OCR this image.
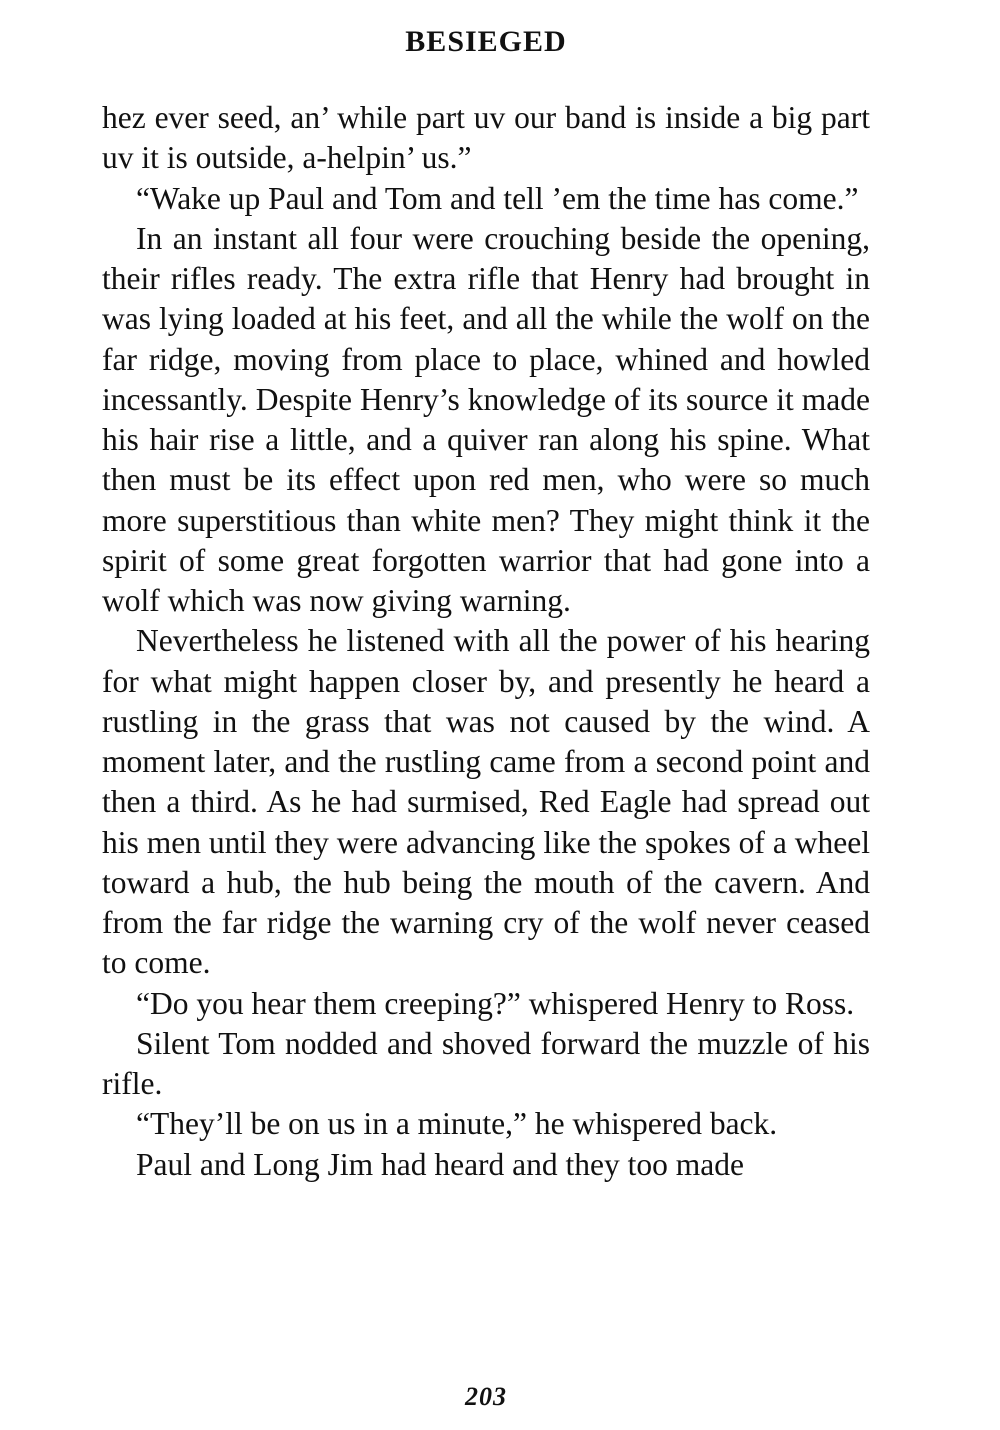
BESIEGED

hez ever seed, an’ while part uv our band is inside a big part uv it is outside, a-helpin’ us.”

“Wake up Paul and Tom and tell ’em the time has come.”

In an instant all four were crouching beside the opening, their rifles ready. The extra rifle that Henry had brought in was lying loaded at his feet, and all the while the wolf on the far ridge, moving from place to place, whined and howled incessantly. Despite Henry’s knowledge of its source it made his hair rise a little, and a quiver ran along his spine. What then must be its effect upon red men, who were so much more superstitious than white men? They might think it the spirit of some great forgotten warrior that had gone into a wolf which was now giving warning.

Nevertheless he listened with all the power of his hearing for what might happen closer by, and presently he heard a rustling in the grass that was not caused by the wind. A moment later, and the rustling came from a second point and then a third. As he had surmised, Red Eagle had spread out his men until they were advancing like the spokes of a wheel toward a hub, the hub being the mouth of the cavern. And from the far ridge the warning cry of the wolf never ceased to come.

“Do you hear them creeping?” whispered Henry to Ross.

Silent Tom nodded and shoved forward the muzzle of his rifle.

“They’ll be on us in a minute,” he whispered back.

Paul and Long Jim had heard and they too made

203
